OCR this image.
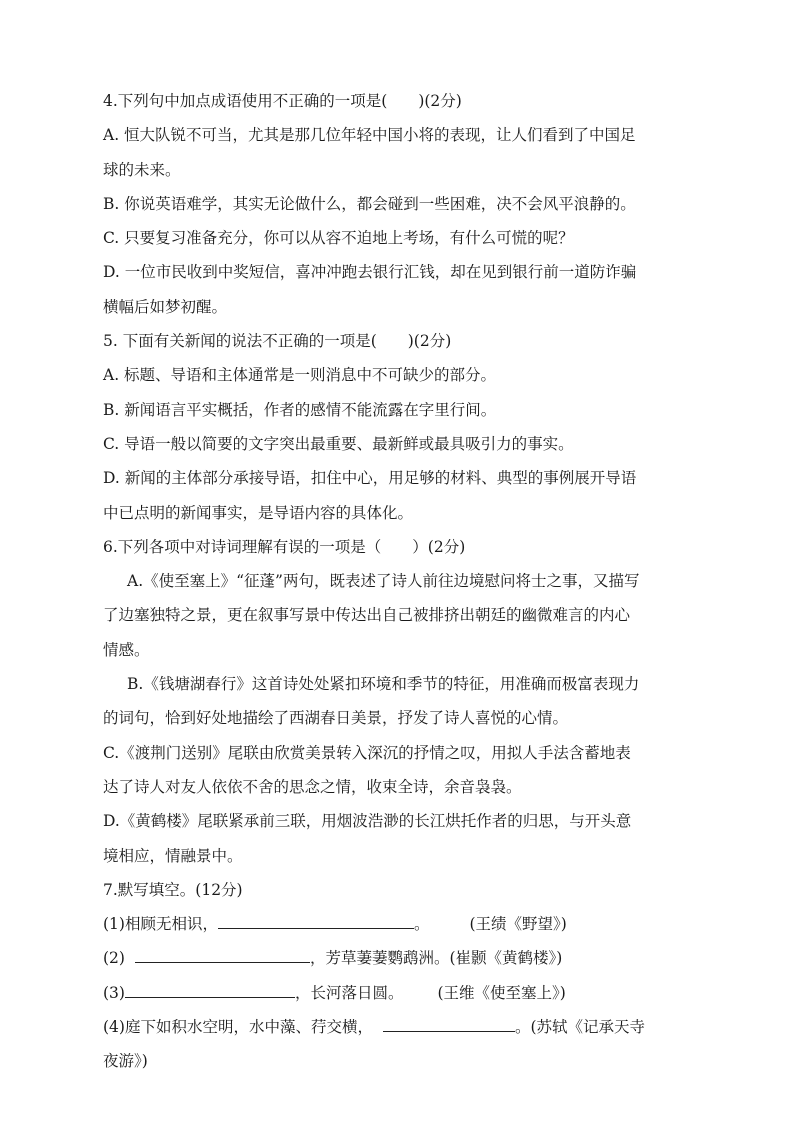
4.下列句中加点成语使用不正确的一项是(　　)(2分)
A. 恒大队锐不可当，尤其是那几位年轻中国小将的表现，让人们看到了中国足
球的未来。
B. 你说英语难学，其实无论做什么，都会碰到一些困难，决不会风平浪静的。
C. 只要复习准备充分，你可以从容不迫地上考场，有什么可慌的呢？
D. 一位市民收到中奖短信，喜冲冲跑去银行汇钱，却在见到银行前一道防诈骗
横幅后如梦初醒。
5. 下面有关新闻的说法不正确的一项是(　　)(2分)
A. 标题、导语和主体通常是一则消息中不可缺少的部分。
B. 新闻语言平实概括，作者的感情不能流露在字里行间。
C. 导语一般以简要的文字突出最重要、最新鲜或最具吸引力的事实。
D. 新闻的主体部分承接导语，扣住中心，用足够的材料、典型的事例展开导语
中已点明的新闻事实，是导语内容的具体化。
6.下列各项中对诗词理解有误的一项是（　　）(2分)
A.《使至塞上》“征蓬”两句，既表述了诗人前往边境慰问将士之事，又描写
了边塞独特之景，更在叙事写景中传达出自己被排挤出朝廷的幽微难言的内心
情感。
B.《钱塘湖春行》这首诗处处紧扣环境和季节的特征，用准确而极富表现力
的词句，恰到好处地描绘了西湖春日美景，抒发了诗人喜悦的心情。
C.《渡荆门送别》尾联由欣赏美景转入深沉的抒情之叹，用拟人手法含蓄地表
达了诗人对友人依依不舍的思念之情，收束全诗，余音袅袅。
D.《黄鹤楼》尾联紧承前三联，用烟波浩渺的长江烘托作者的归思，与开头意
境相应，情融景中。
7.默写填空。(12分)
(1)相顾无相识，	。	(王绩《野望》)
(2)	，芳草萋萋鹦鹉洲。(崔颢《黄鹤楼》)
(3)	，长河落日圆。 (王维《使至塞上》)
(4)庭下如积水空明，水中藻、荇交横，	。(苏轼《记承天寺
夜游》)
